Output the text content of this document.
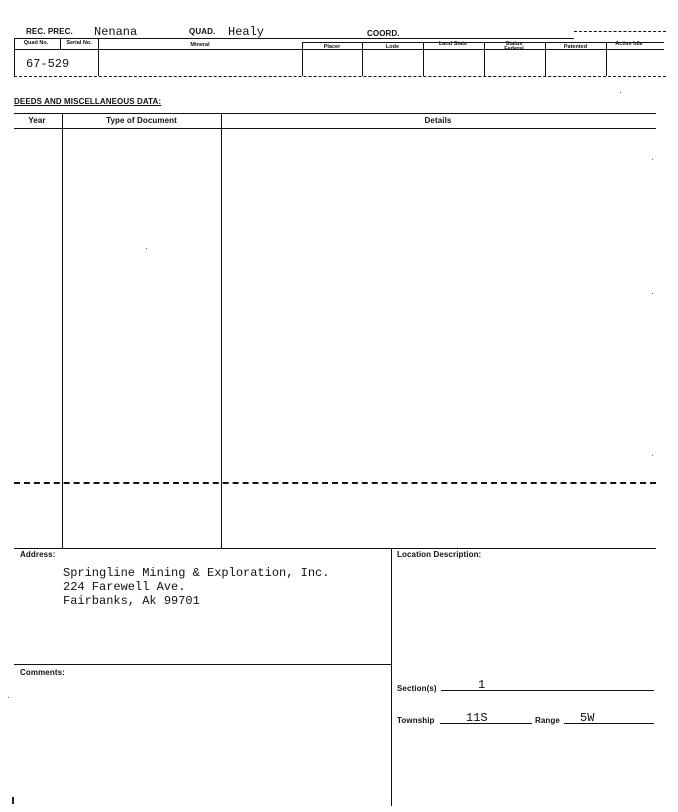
REC. PREC. Nenana	QUAD. Healy	COORD.
Quad No.	Serial No.	Mineral	Placer	Lode	Land State	Status Federal	Patented	Active Idle
67-529
DEEDS AND MISCELLANEOUS DATA:
Year	Type of Document	Details
Address:
Springline Mining & Exploration, Inc.
224 Farewell Ave.
Fairbanks, Ak 99701
Location Description:
Section(s)	1
Township	11S	Range 5W
Comments:
